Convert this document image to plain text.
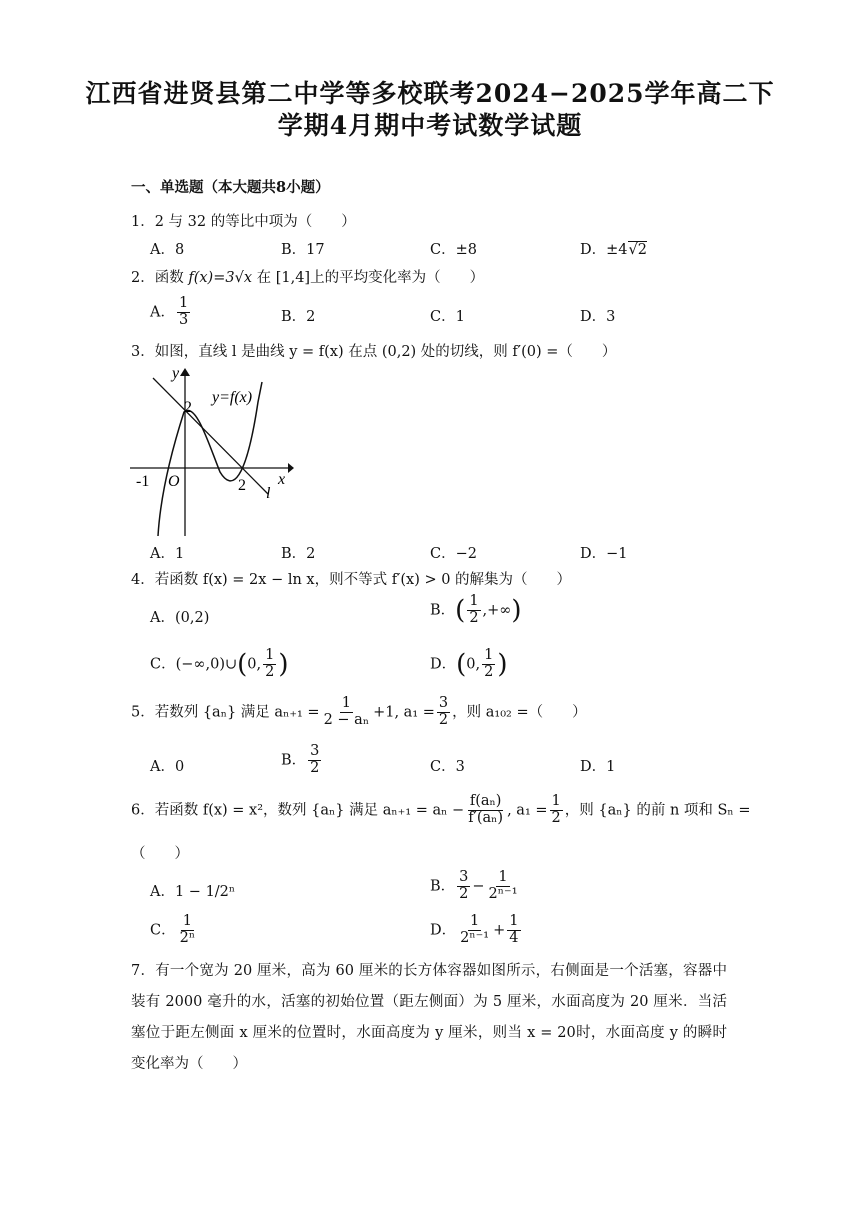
江西省进贤县第二中学等多校联考2024−2025学年高二下
学期4月期中考试数学试题
一、单选题（本大题共8小题）
1．2 与 32 的等比中项为（　　）
A．8	B．17	C．±8	D．±4√2
2．函数 f(x)=3√x 在 [1,4]上的平均变化率为（　　）
A． $\frac{1}{3}$	B．2	C．1	D．3
3．如图，直线 l 是曲线 y = f(x) 在点 (0,2) 处的切线，则 f′(0) =（　　）
y
x
y=f(x)
2
-1 O	2 l
A．1	B．2	C．−2	D．−1
4．若函数 f(x) = 2x − ln x，则不等式 f′(x) > 0 的解集为（　　）
A．(0,2)	B．( $\frac{1}{2}$ ,+∞)
C．(−∞,0)∪(0, $\frac{1}{2}$ )	D．(0, $\frac{1}{2}$ )
5．若数列 {aₙ} 满足 $a_{n+1} = \frac{1}{\text{2 − aₙ}} +1$, $a_1 = \frac{3}{2}$ ，则 a₁₀₂ =（　　）
A．0	B． $\frac{3}{2}$	C．3	D．1
6．若函数 f(x) = x²，数列 {aₙ} 满足 $a_{n+1} = a_n - \frac{\text{f(aₙ)}}{\text{f′(aₙ)}}$ , $a_1 = \frac{1}{2}$ ，则 {aₙ} 的前 n 项和 Sₙ =
（　　）
A．1 − 1/2ⁿ	B． $\frac{3}{2} - \frac{1}{\text{2ⁿ⁻¹}}$
C． $\frac{1}{\text{2ⁿ}}$	D． $\frac{1}{\text{2ⁿ⁻¹}} + \frac{1}{4}$
7．有一个宽为 20 厘米，高为 60 厘米的长方体容器如图所示，右侧面是一个活塞，容器中装有 2000 毫升的水，活塞的初始位置（距左侧面）为 5 厘米，水面高度为 20 厘米．当活塞位于距左侧面 x 厘米的位置时，水面高度为 y 厘米，则当 x = 20时，水面高度 y 的瞬时变化率为（　　）
